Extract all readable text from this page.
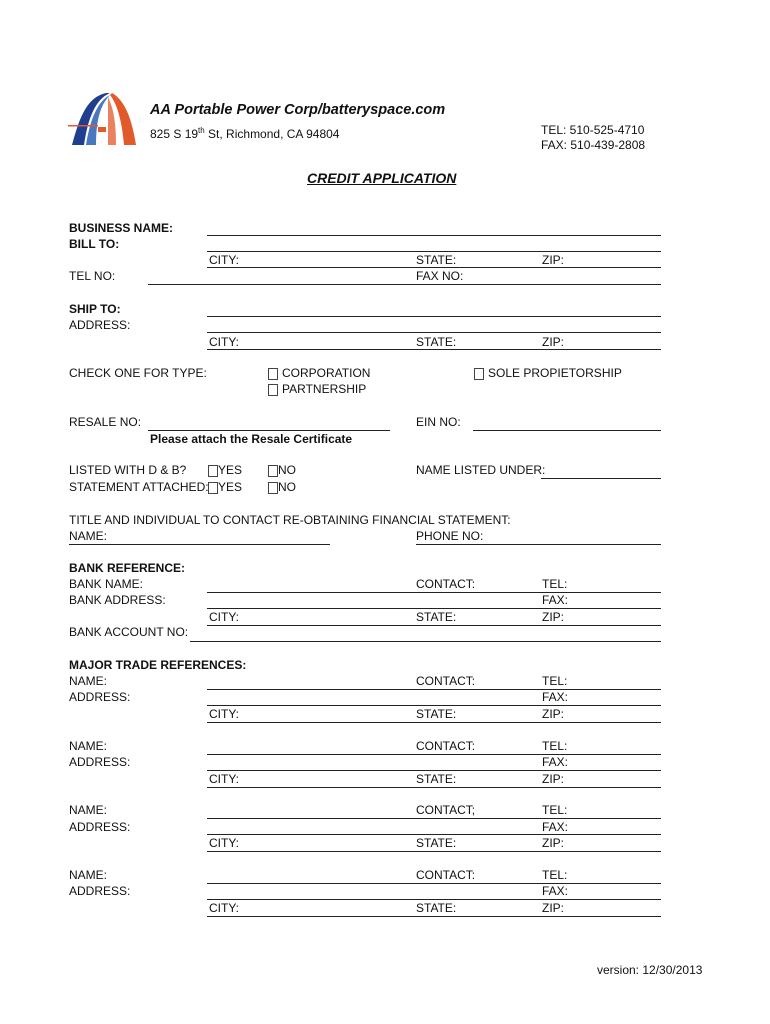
AA Portable Power Corp/batteryspace.com
825 S 19th St, Richmond, CA 94804	TEL: 510-525-4710
FAX: 510-439-2808
CREDIT APPLICATION
BUSINESS NAME:
BILL TO:
CITY:	STATE:	ZIP:
TEL NO:	FAX NO:
SHIP TO:
ADDRESS:
CITY:	STATE:	ZIP:
CHECK ONE FOR TYPE:	CORPORATION
PARTNERSHIP
SOLE PROPIETORSHIP
RESALE NO:
Please attach the Resale Certificate
EIN NO:
LISTED WITH D & B?	YES	NO	NAME LISTED UNDER:
STATEMENT ATTACHED: YES	NO
TITLE AND INDIVIDUAL TO CONTACT RE-OBTAINING FINANCIAL STATEMENT:
NAME:	PHONE NO:
BANK REFERENCE:
BANK NAME:	CONTACT:	TEL:
BANK ADDRESS:	FAX:
CITY:	STATE:	ZIP:
BANK ACCOUNT NO:
MAJOR TRADE REFERENCES:
NAME:	CONTACT:	TEL:
ADDRESS:	FAX:
CITY:	STATE:	ZIP:
NAME:	CONTACT:	TEL:
ADDRESS:	FAX:
CITY:	STATE:	ZIP:
NAME:	CONTACT;	TEL:
ADDRESS:	FAX:
CITY:	STATE:	ZIP:
NAME:	CONTACT:	TEL:
ADDRESS:	FAX:
CITY:	STATE:	ZIP:
version: 12/30/2013
